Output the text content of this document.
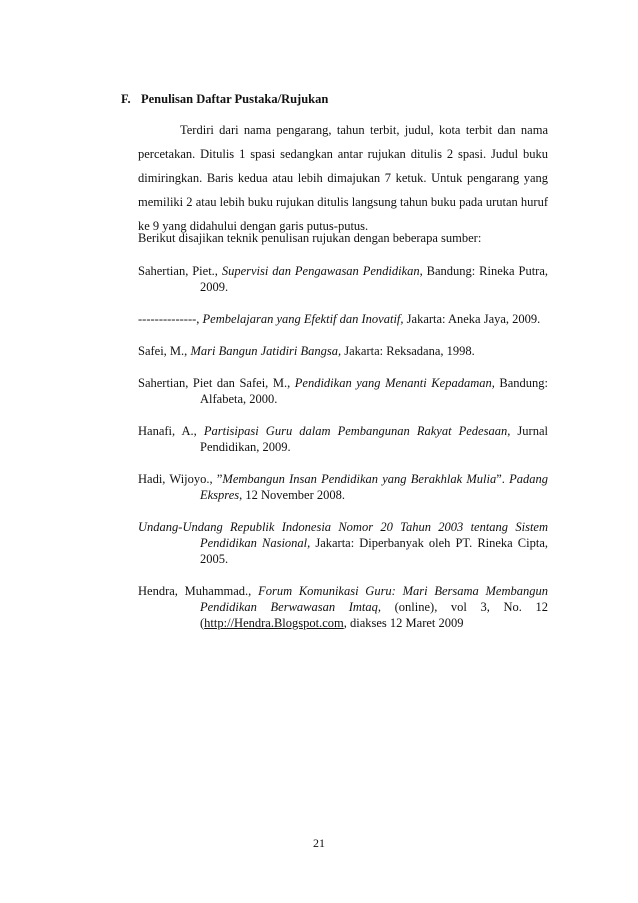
F. Penulisan Daftar Pustaka/Rujukan
Terdiri dari nama pengarang, tahun terbit, judul, kota terbit dan nama percetakan. Ditulis 1 spasi sedangkan antar rujukan ditulis 2 spasi. Judul buku dimiringkan. Baris kedua atau lebih dimajukan 7 ketuk. Untuk pengarang yang memiliki 2 atau lebih buku rujukan ditulis langsung tahun buku pada urutan huruf ke 9 yang didahului dengan garis putus-putus.
Berikut disajikan teknik penulisan rujukan dengan beberapa sumber:

Sahertian, Piet., Supervisi dan Pengawasan Pendidikan, Bandung: Rineka Putra, 2009.

--------------, Pembelajaran yang Efektif dan Inovatif, Jakarta: Aneka Jaya, 2009.

Safei, M., Mari Bangun Jatidiri Bangsa, Jakarta: Reksadana, 1998.

Sahertian, Piet dan Safei, M., Pendidikan yang Menanti Kepadaman, Bandung: Alfabeta, 2000.

Hanafi, A., Partisipasi Guru dalam Pembangunan Rakyat Pedesaan, Jurnal Pendidikan, 2009.

Hadi, Wijoyo., ”Membangun Insan Pendidikan yang Berakhlak Mulia”. Padang Ekspres, 12 November 2008.

Undang-Undang Republik Indonesia Nomor 20 Tahun 2003 tentang Sistem Pendidikan Nasional, Jakarta: Diperbanyak oleh PT. Rineka Cipta, 2005.

Hendra, Muhammad., Forum Komunikasi Guru: Mari Bersama Membangun Pendidikan Berwawasan Imtaq, (online), vol 3, No. 12 (http://Hendra.Blogspot.com, diakses 12 Maret 2009

21
